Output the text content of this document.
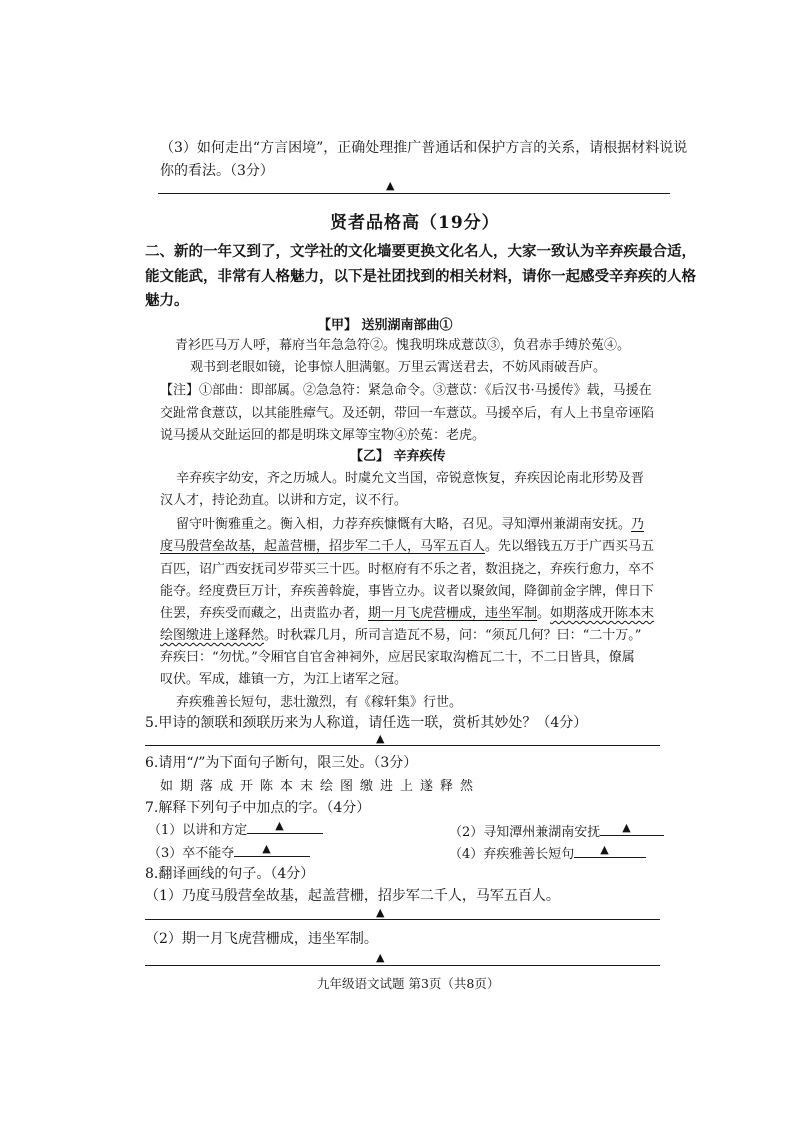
（3）如何走出“方言困境”，正确处理推广普通话和保护方言的关系，请根据材料说说
你的看法。（3分）
▲
贤者品格高（19分）
二、新的一年又到了，文学社的文化墙要更换文化名人，大家一致认为辛弃疾最合适，
能文能武，非常有人格魅力，以下是社团找到的相关材料，请你一起感受辛弃疾的人格
魅力。
【甲】 送别湖南部曲①
青衫匹马万人呼，幕府当年急急符②。愧我明珠成薏苡③，负君赤手缚於菟④。
观书到老眼如镜，论事惊人胆满躯。万里云霄送君去，不妨风雨破吾庐。
【注】①部曲：即部属。②急急符：紧急命令。③薏苡：《后汉书·马援传》载，马援在
交趾常食薏苡，以其能胜瘴气。及还朝，带回一车薏苡。马援卒后，有人上书皇帝诬陷
说马援从交趾运回的都是明珠文犀等宝物④於菟：老虎。
【乙】 辛弃疾传
辛弃疾字幼安，齐之历城人。时虞允文当国，帝锐意恢复，弃疾因论南北形势及晋
汉人才，持论劲直。以讲和方定，议不行。
留守叶衡雅重之。衡入相，力荐弃疾慷慨有大略，召见。寻知潭州兼湖南安抚。乃
度马殷营垒故基，起盖营栅，招步军二千人，马军五百人。先以缗钱五万于广西买马五
百匹，诏广西安抚司岁带买三十匹。时枢府有不乐之者，数沮挠之，弃疾行愈力，卒不
能夺。经度费巨万计，弃疾善斡旋，事皆立办。议者以聚敛闻，降御前金字牌，俾日下
住罢，弃疾受而藏之，出责监办者，期一月飞虎营栅成，违坐军制。如期落成开陈本末
绘图缴进上遂释然。时秋霖几月，所司言造瓦不易，问：“须瓦几何？曰：“二十万。”
弃疾曰：“勿忧。”令厢官自官舍神祠外，应居民家取沟檐瓦二十，不二日皆具，僚属
叹伏。军成，雄镇一方，为江上诸军之冠。
弃疾雅善长短句，悲壮激烈，有《稼轩集》行世。
5.甲诗的颔联和颈联历来为人称道，请任选一联，赏析其妙处？（4分）
▲
6.请用“/”为下面句子断句，限三处。（3分）
如期落成开陈本末绘图缴进上遂释然
7.解释下列句子中加点的字。（4分）
（1）以讲和方定	▲	（2）寻知潭州兼湖南安抚 ▲
（3）卒不能夺	▲	（4）弃疾雅善长短句 ▲
8.翻译画线的句子。（4分）
（1）乃度马殷营垒故基，起盖营栅，招步军二千人，马军五百人。
▲
（2）期一月飞虎营栅成，违坐军制。
▲
九年级语文试题 第3页（共8页）
